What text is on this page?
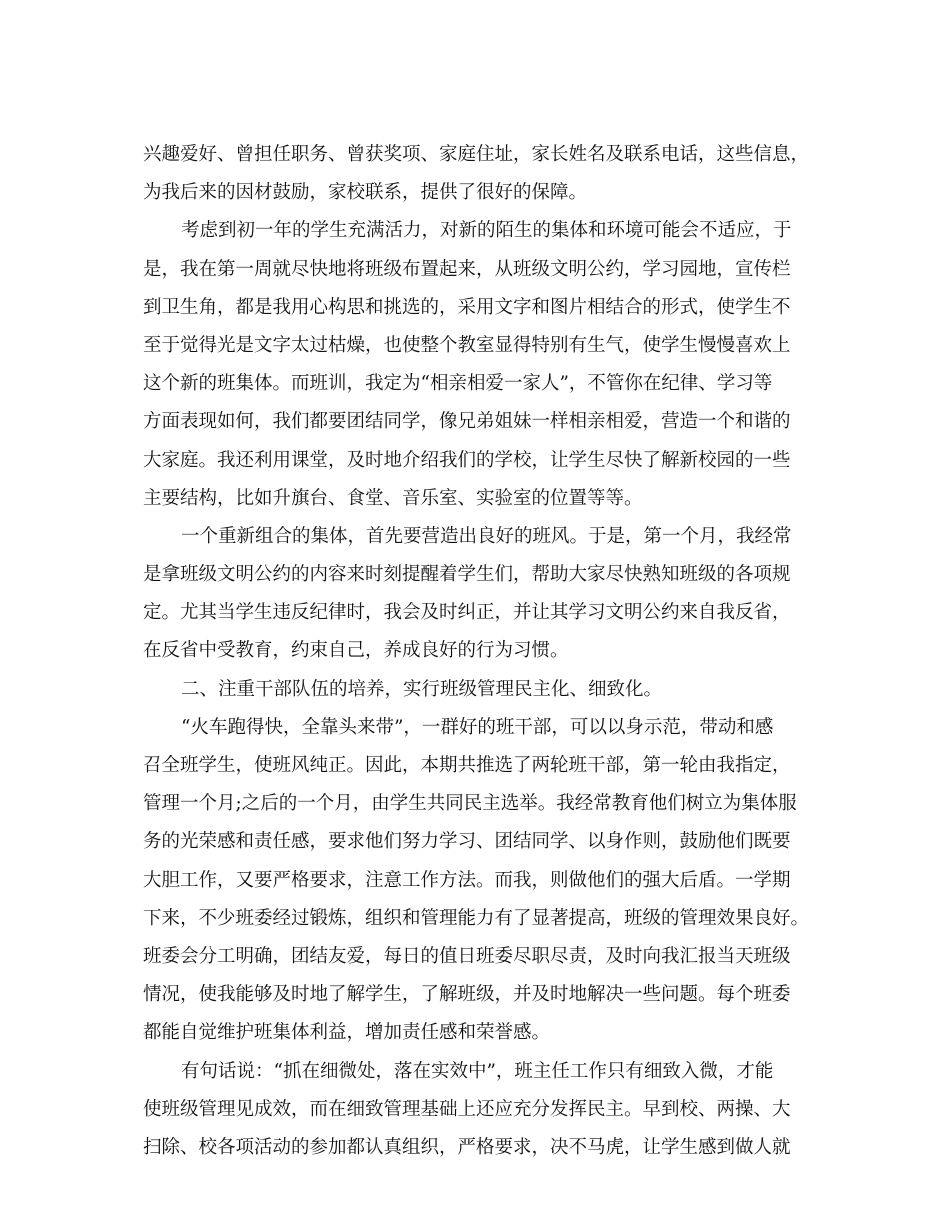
兴趣爱好、曾担任职务、曾获奖项、家庭住址，家长姓名及联系电话，这些信息，
为我后来的因材鼓励，家校联系，提供了很好的保障。
考虑到初一年的学生充满活力，对新的陌生的集体和环境可能会不适应，于
是，我在第一周就尽快地将班级布置起来，从班级文明公约，学习园地，宣传栏
到卫生角，都是我用心构思和挑选的，采用文字和图片相结合的形式，使学生不
至于觉得光是文字太过枯燥，也使整个教室显得特别有生气，使学生慢慢喜欢上
这个新的班集体。而班训，我定为“相亲相爱一家人”，不管你在纪律、学习等
方面表现如何，我们都要团结同学，像兄弟姐妹一样相亲相爱，营造一个和谐的
大家庭。我还利用课堂，及时地介绍我们的学校，让学生尽快了解新校园的一些
主要结构，比如升旗台、食堂、音乐室、实验室的位置等等。
一个重新组合的集体，首先要营造出良好的班风。于是，第一个月，我经常
是拿班级文明公约的内容来时刻提醒着学生们，帮助大家尽快熟知班级的各项规
定。尤其当学生违反纪律时，我会及时纠正，并让其学习文明公约来自我反省，
在反省中受教育，约束自己，养成良好的行为习惯。
二、注重干部队伍的培养，实行班级管理民主化、细致化。
“火车跑得快，全靠头来带”，一群好的班干部，可以以身示范，带动和感
召全班学生，使班风纯正。因此，本期共推选了两轮班干部，第一轮由我指定，
管理一个月;之后的一个月，由学生共同民主选举。我经常教育他们树立为集体服
务的光荣感和责任感，要求他们努力学习、团结同学、以身作则，鼓励他们既要
大胆工作，又要严格要求，注意工作方法。而我，则做他们的强大后盾。一学期
下来，不少班委经过锻炼，组织和管理能力有了显著提高，班级的管理效果良好。
班委会分工明确，团结友爱，每日的值日班委尽职尽责，及时向我汇报当天班级
情况，使我能够及时地了解学生，了解班级，并及时地解决一些问题。每个班委
都能自觉维护班集体利益，增加责任感和荣誉感。
有句话说：“抓在细微处，落在实效中”，班主任工作只有细致入微，才能
使班级管理见成效，而在细致管理基础上还应充分发挥民主。早到校、两操、大
扫除、校各项活动的参加都认真组织，严格要求，决不马虎，让学生感到做人就
